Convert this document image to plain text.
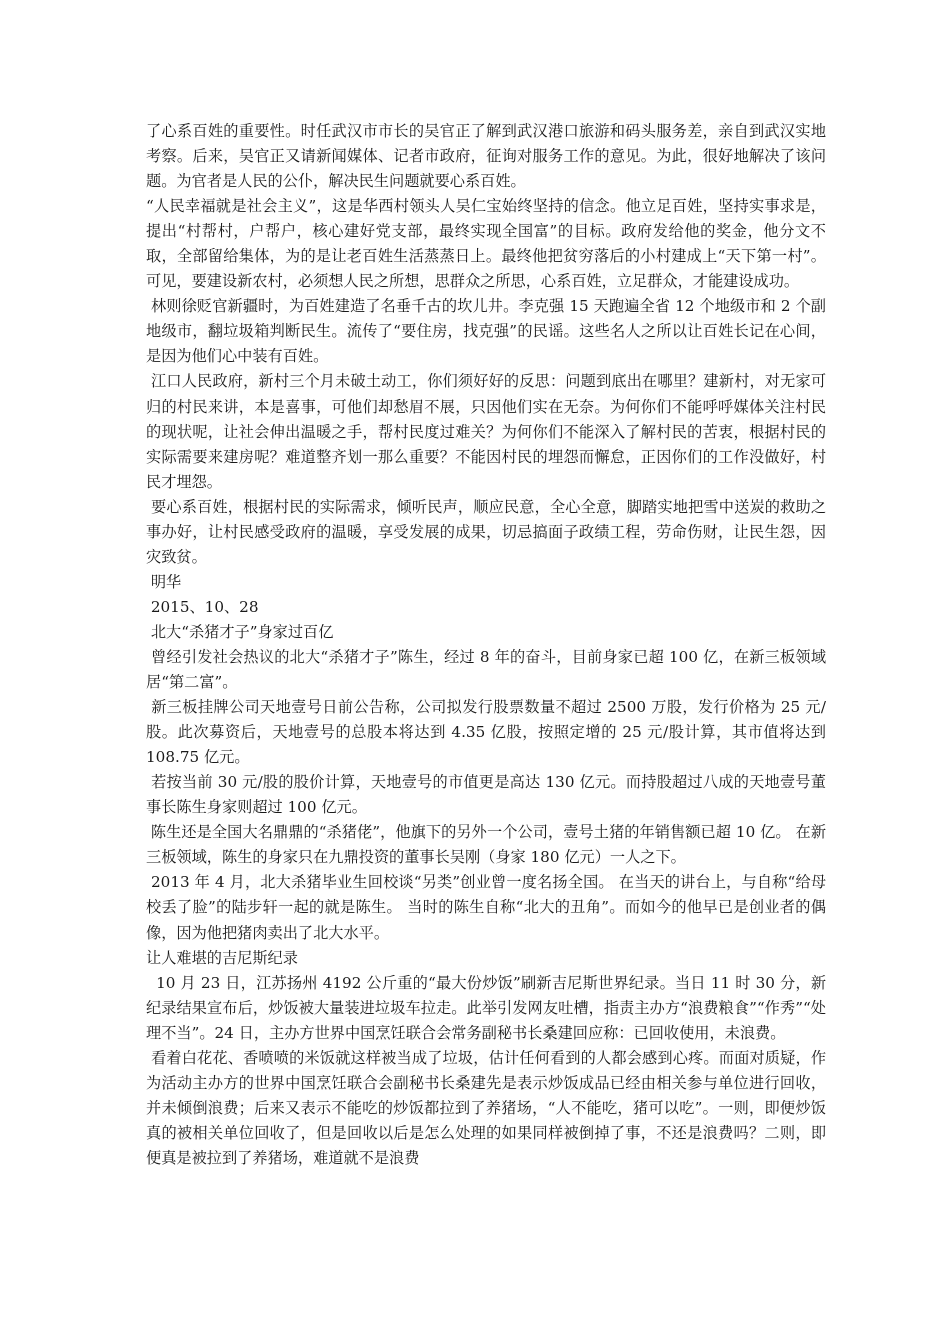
了心系百姓的重要性。时任武汉市市长的吴官正了解到武汉港口旅游和码头服务差，亲自到武汉实地考察。后来，吴官正又请新闻媒体、记者市政府，征询对服务工作的意见。为此，很好地解决了该问题。为官者是人民的公仆，解决民生问题就要心系百姓。

“人民幸福就是社会主义”，这是华西村领头人吴仁宝始终坚持的信念。他立足百姓，坚持实事求是，提出“村帮村，户帮户，核心建好党支部，最终实现全国富”的目标。政府发给他的奖金，他分文不取，全部留给集体，为的是让老百姓生活蒸蒸日上。最终他把贫穷落后的小村建成上“天下第一村”。可见，要建设新农村，必须想人民之所想，思群众之所思，心系百姓，立足群众，才能建设成功。

林则徐贬官新疆时，为百姓建造了名垂千古的坎儿井。李克强 15 天跑遍全省 12 个地级市和 2 个副地级市，翻垃圾箱判断民生。流传了“要住房，找克强”的民谣。这些名人之所以让百姓长记在心间，是因为他们心中装有百姓。

江口人民政府，新村三个月未破土动工，你们须好好的反思：问题到底出在哪里？建新村，对无家可归的村民来讲，本是喜事，可他们却愁眉不展，只因他们实在无奈。为何你们不能呼呼媒体关注村民的现状呢，让社会伸出温暖之手，帮村民度过难关？为何你们不能深入了解村民的苦衷，根据村民的实际需要来建房呢？难道整齐划一那么重要？不能因村民的埋怨而懈怠，正因你们的工作没做好，村民才埋怨。

要心系百姓，根据村民的实际需求，倾听民声，顺应民意，全心全意，脚踏实地把雪中送炭的救助之事办好，让村民感受政府的温暖，享受发展的成果，切忌搞面子政绩工程，劳命伤财，让民生怨，因灾致贫。

明华

2015、10、28

北大“杀猪才子”身家过百亿

曾经引发社会热议的北大“杀猪才子”陈生，经过 8 年的奋斗，目前身家已超 100 亿，在新三板领域居“第二富”。

新三板挂牌公司天地壹号日前公告称，公司拟发行股票数量不超过 2500 万股，发行价格为 25 元/股。此次募资后，天地壹号的总股本将达到 4.35 亿股，按照定增的 25 元/股计算，其市值将达到 108.75 亿元。

若按当前 30 元/股的股价计算，天地壹号的市值更是高达 130 亿元。而持股超过八成的天地壹号董事长陈生身家则超过 100 亿元。

陈生还是全国大名鼎鼎的“杀猪佬”，他旗下的另外一个公司，壹号土猪的年销售额已超 10 亿。 在新三板领域，陈生的身家只在九鼎投资的董事长吴刚（身家 180 亿元）一人之下。

2013 年 4 月，北大杀猪毕业生回校谈“另类”创业曾一度名扬全国。 在当天的讲台上，与自称“给母校丢了脸”的陆步轩一起的就是陈生。 当时的陈生自称“北大的丑角”。而如今的他早已是创业者的偶像，因为他把猪肉卖出了北大水平。

让人难堪的吉尼斯纪录

10 月 23 日，江苏扬州 4192 公斤重的“最大份炒饭”刷新吉尼斯世界纪录。当日 11 时 30 分，新纪录结果宣布后，炒饭被大量装进垃圾车拉走。此举引发网友吐槽，指责主办方“浪费粮食”“作秀”“处理不当”。24 日，主办方世界中国烹饪联合会常务副秘书长桑建回应称：已回收使用，未浪费。

看着白花花、香喷喷的米饭就这样被当成了垃圾，估计任何看到的人都会感到心疼。而面对质疑，作为活动主办方的世界中国烹饪联合会副秘书长桑建先是表示炒饭成品已经由相关参与单位进行回收，并未倾倒浪费；后来又表示不能吃的炒饭都拉到了养猪场，“人不能吃，猪可以吃”。一则，即便炒饭真的被相关单位回收了，但是回收以后是怎么处理的如果同样被倒掉了事，不还是浪费吗？二则，即便真是被拉到了养猪场，难道就不是浪费
